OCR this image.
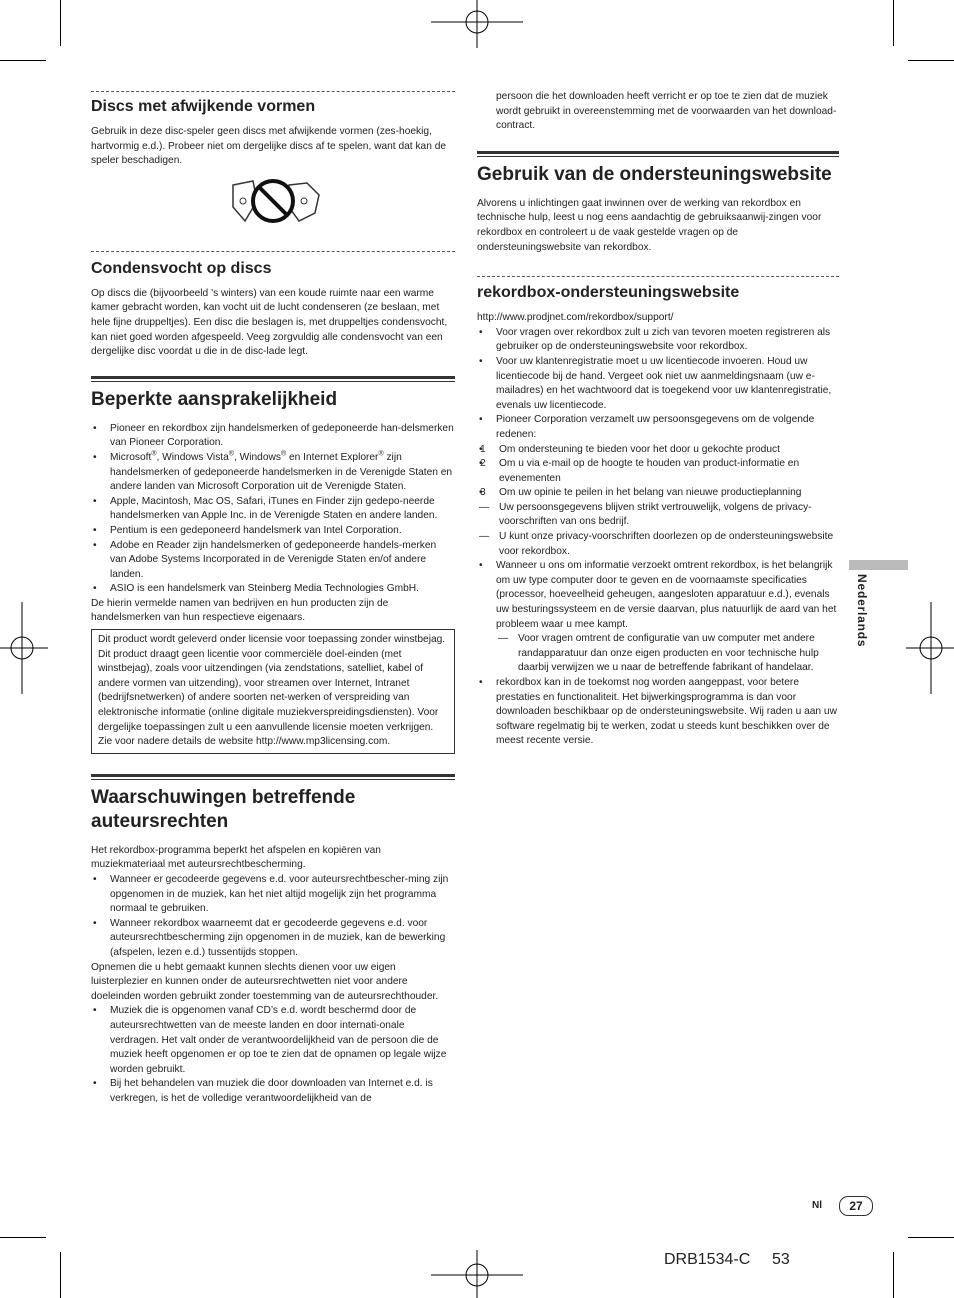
Discs met afwijkende vormen

Gebruik in deze disc-speler geen discs met afwijkende vormen (zes-hoekig, hartvormig e.d.). Probeer niet om dergelijke discs af te spelen, want dat kan de speler beschadigen.

Condensvocht op discs

Op discs die (bijvoorbeeld ’s winters) van een koude ruimte naar een warme kamer gebracht worden, kan vocht uit de lucht condenseren (ze beslaan, met hele fijne druppeltjes). Een disc die beslagen is, met druppeltjes condensvocht, kan niet goed worden afgespeeld. Veeg zorgvuldig alle condensvocht van een dergelijke disc voordat u die in de disc-lade legt.

Beperkte aansprakelijkheid
• Pioneer en rekordbox zijn handelsmerken of gedeponeerde han-delsmerken van Pioneer Corporation.
• Microsoft®, Windows Vista®, Windows® en Internet Explorer® zijn handelsmerken of gedeponeerde handelsmerken in de Verenigde Staten en andere landen van Microsoft Corporation uit de Verenigde Staten.
• Apple, Macintosh, Mac OS, Safari, iTunes en Finder zijn gedepo-neerde handelsmerken van Apple Inc. in de Verenigde Staten en andere landen.
• Pentium is een gedeponeerd handelsmerk van Intel Corporation.
• Adobe en Reader zijn handelsmerken of gedeponeerde handels-merken van Adobe Systems Incorporated in de Verenigde Staten en/of andere landen.
• ASIO is een handelsmerk van Steinberg Media Technologies GmbH.

De hierin vermelde namen van bedrijven en hun producten zijn de handelsmerken van hun respectieve eigenaars.

Dit product wordt geleverd onder licensie voor toepassing zonder winstbejag. Dit product draagt geen licentie voor commerciële doel-einden (met winstbejag), zoals voor uitzendingen (via zendstations, satelliet, kabel of andere vormen van uitzending), voor streamen over Internet, Intranet (bedrijfsnetwerken) of andere soorten net-werken of verspreiding van elektronische informatie (online digitale muziekverspreidingsdiensten). Voor dergelijke toepassingen zult u een aanvullende licensie moeten verkrijgen. Zie voor nadere details de website http://www.mp3licensing.com.
Waarschuwingen betreffende auteursrechten

Het rekordbox-programma beperkt het afspelen en kopiëren van muziekmateriaal met auteursrechtbescherming.

• Wanneer er gecodeerde gegevens e.d. voor auteursrechtbescher-ming zijn opgenomen in de muziek, kan het niet altijd mogelijk zijn het programma normaal te gebruiken.
• Wanneer rekordbox waarneemt dat er gecodeerde gegevens e.d. voor auteursrechtbescherming zijn opgenomen in de muziek, kan de bewerking (afspelen, lezen e.d.) tussentijds stoppen.

Opnemen die u hebt gemaakt kunnen slechts dienen voor uw eigen luisterplezier en kunnen onder de auteursrechtwetten niet voor andere doeleinden worden gebruikt zonder toestemming van de auteursrechthouder.

• Muziek die is opgenomen vanaf CD’s e.d. wordt beschermd door de auteursrechtwetten van de meeste landen en door internati-onale verdragen. Het valt onder de verantwoordelijkheid van de persoon die de muziek heeft opgenomen er op toe te zien dat de opnamen op legale wijze worden gebruikt.
• Bij het behandelen van muziek die door downloaden van Internet e.d. is verkregen, is het de volledige verantwoordelijkheid van de

persoon die het downloaden heeft verricht er op toe te zien dat de muziek wordt gebruikt in overeenstemming met de voorwaarden van het download-contract.

Gebruik van de ondersteuningswebsite

Alvorens u inlichtingen gaat inwinnen over de werking van rekordbox en technische hulp, leest u nog eens aandachtig de gebruiksaanwij-zingen voor rekordbox en controleert u de vaak gestelde vragen op de ondersteuningswebsite van rekordbox.

rekordbox-ondersteuningswebsite

http://www.prodjnet.com/rekordbox/support/

• Voor vragen over rekordbox zult u zich van tevoren moeten registreren als gebruiker op de ondersteuningswebsite voor rekordbox.
• Voor uw klantenregistratie moet u uw licentiecode invoeren. Houd uw licentiecode bij de hand. Vergeet ook niet uw aanmeldingsnaam (uw e-mailadres) en het wachtwoord dat is toegekend voor uw klantenregistratie, evenals uw licentiecode.
• Pioneer Corporation verzamelt uw persoonsgegevens om de volgende redenen:
• 1 Om ondersteuning te bieden voor het door u gekochte product
• 2 Om u via e-mail op de hoogte te houden van product-informatie en evenementen
• 3 Om uw opinie te peilen in het belang van nieuwe productieplanning
— Uw persoonsgegevens blijven strikt vertrouwelijk, volgens de privacy-voorschriften van ons bedrijf.
— U kunt onze privacy-voorschriften doorlezen op de ondersteuningswebsite voor rekordbox.
• Wanneer u ons om informatie verzoekt omtrent rekordbox, is het belangrijk om uw type computer door te geven en de voornaamste specificaties (processor, hoeveelheid geheugen, aangesloten apparatuur e.d.), evenals uw besturingssysteem en de versie daarvan, plus natuurlijk de aard van het probleem waar u mee kampt.
— Voor vragen omtrent de configuratie van uw computer met andere randapparatuur dan onze eigen producten en voor technische hulp daarbij verwijzen we u naar de betreffende fabrikant of handelaar.
• rekordbox kan in de toekomst nog worden aangeppast, voor betere prestaties en functionaliteit. Het bijwerkingsprogramma is dan voor downloaden beschikbaar op de ondersteuningswebsite. Wij raden u aan uw software regelmatig bij te werken, zodat u steeds kunt beschikken over de meest recente versie.
Nederlands
Nl	27
DRB1534-C 53
